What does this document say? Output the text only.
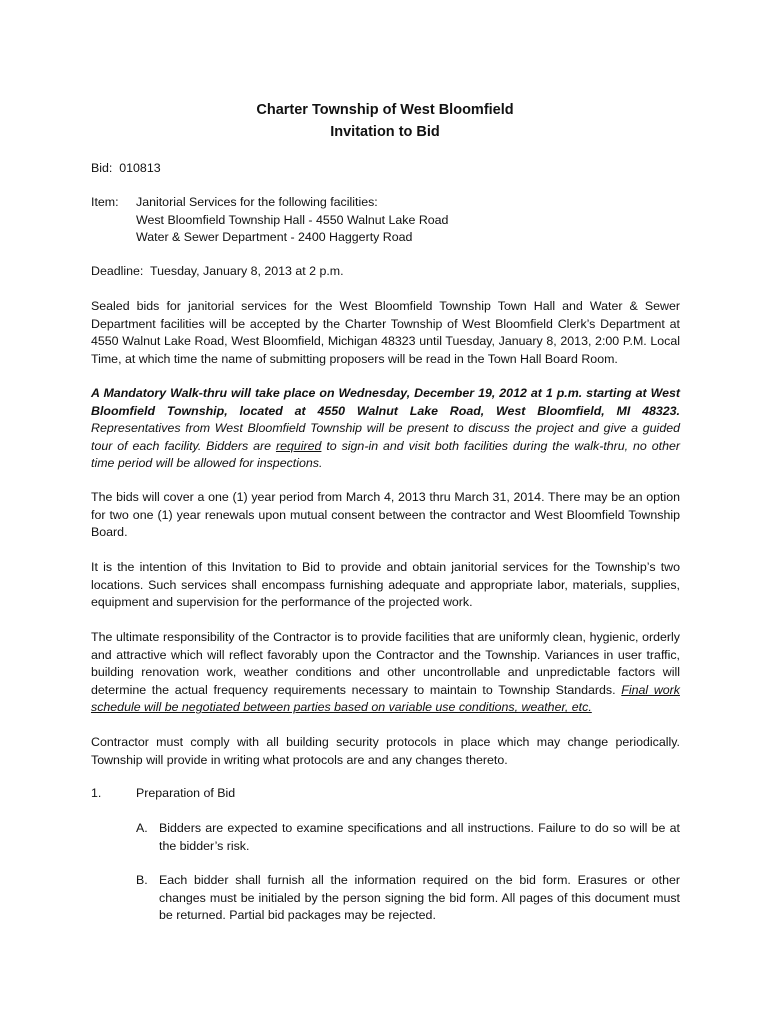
Charter Township of West Bloomfield
Invitation to Bid
Bid: 010813
Item: Janitorial Services for the following facilities:
West Bloomfield Township Hall - 4550 Walnut Lake Road
Water & Sewer Department - 2400 Haggerty Road
Deadline: Tuesday, January 8, 2013 at 2 p.m.
Sealed bids for janitorial services for the West Bloomfield Township Town Hall and Water & Sewer Department facilities will be accepted by the Charter Township of West Bloomfield Clerk’s Department at 4550 Walnut Lake Road, West Bloomfield, Michigan 48323 until Tuesday, January 8, 2013, 2:00 P.M. Local Time, at which time the name of submitting proposers will be read in the Town Hall Board Room.
A Mandatory Walk-thru will take place on Wednesday, December 19, 2012 at 1 p.m. starting at West Bloomfield Township, located at 4550 Walnut Lake Road, West Bloomfield, MI 48323. Representatives from West Bloomfield Township will be present to discuss the project and give a guided tour of each facility. Bidders are required to sign-in and visit both facilities during the walk-thru, no other time period will be allowed for inspections.
The bids will cover a one (1) year period from March 4, 2013 thru March 31, 2014. There may be an option for two one (1) year renewals upon mutual consent between the contractor and West Bloomfield Township Board.
It is the intention of this Invitation to Bid to provide and obtain janitorial services for the Township’s two locations. Such services shall encompass furnishing adequate and appropriate labor, materials, supplies, equipment and supervision for the performance of the projected work.
The ultimate responsibility of the Contractor is to provide facilities that are uniformly clean, hygienic, orderly and attractive which will reflect favorably upon the Contractor and the Township. Variances in user traffic, building renovation work, weather conditions and other uncontrollable and unpredictable factors will determine the actual frequency requirements necessary to maintain to Township Standards. Final work schedule will be negotiated between parties based on variable use conditions, weather, etc.
Contractor must comply with all building security protocols in place which may change periodically. Township will provide in writing what protocols are and any changes thereto.
1.	Preparation of Bid
A. Bidders are expected to examine specifications and all instructions. Failure to do so will be at the bidder’s risk.
B. Each bidder shall furnish all the information required on the bid form. Erasures or other changes must be initialed by the person signing the bid form. All pages of this document must be returned. Partial bid packages may be rejected.
